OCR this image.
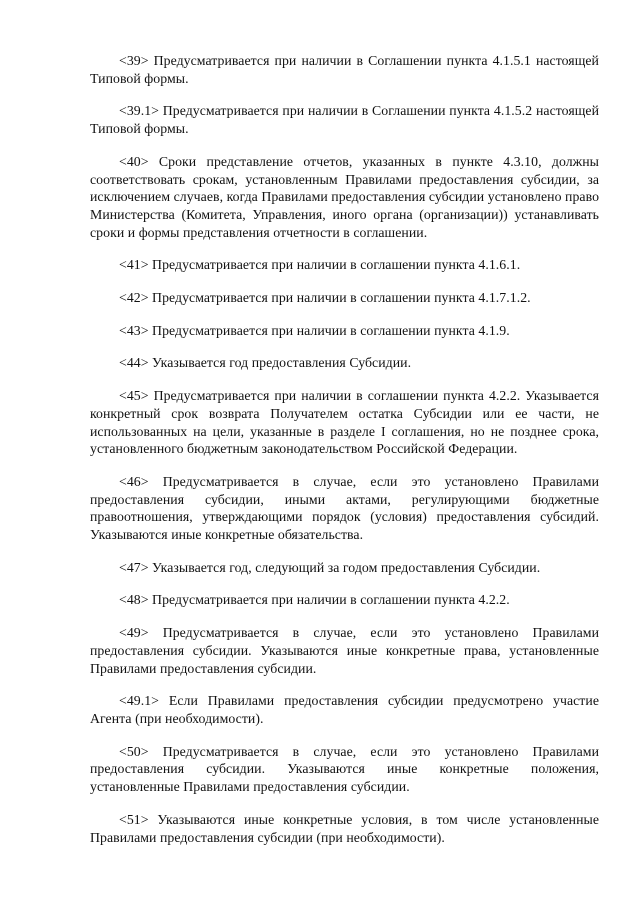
<39> Предусматривается при наличии в Соглашении пункта 4.1.5.1 настоящей Типовой формы.

<39.1> Предусматривается при наличии в Соглашении пункта 4.1.5.2 настоящей Типовой формы.

<40> Сроки представление отчетов, указанных в пункте 4.3.10, должны соответствовать срокам, установленным Правилами предоставления субсидии, за исключением случаев, когда Правилами предоставления субсидии установлено право Министерства (Комитета, Управления, иного органа (организации)) устанавливать сроки и формы представления отчетности в соглашении.

<41> Предусматривается при наличии в соглашении пункта 4.1.6.1.

<42> Предусматривается при наличии в соглашении пункта 4.1.7.1.2.

<43> Предусматривается при наличии в соглашении пункта 4.1.9.

<44> Указывается год предоставления Субсидии.

<45> Предусматривается при наличии в соглашении пункта 4.2.2. Указывается конкретный срок возврата Получателем остатка Субсидии или ее части, не использованных на цели, указанные в разделе I соглашения, но не позднее срока, установленного бюджетным законодательством Российской Федерации.

<46> Предусматривается в случае, если это установлено Правилами предоставления субсидии, иными актами, регулирующими бюджетные правоотношения, утверждающими порядок (условия) предоставления субсидий. Указываются иные конкретные обязательства.

<47> Указывается год, следующий за годом предоставления Субсидии.

<48> Предусматривается при наличии в соглашении пункта 4.2.2.

<49> Предусматривается в случае, если это установлено Правилами предоставления субсидии. Указываются иные конкретные права, установленные Правилами предоставления субсидии.

<49.1> Если Правилами предоставления субсидии предусмотрено участие Агента (при необходимости).

<50> Предусматривается в случае, если это установлено Правилами предоставления субсидии. Указываются иные конкретные положения, установленные Правилами предоставления субсидии.

<51> Указываются иные конкретные условия, в том числе установленные Правилами предоставления субсидии (при необходимости).
